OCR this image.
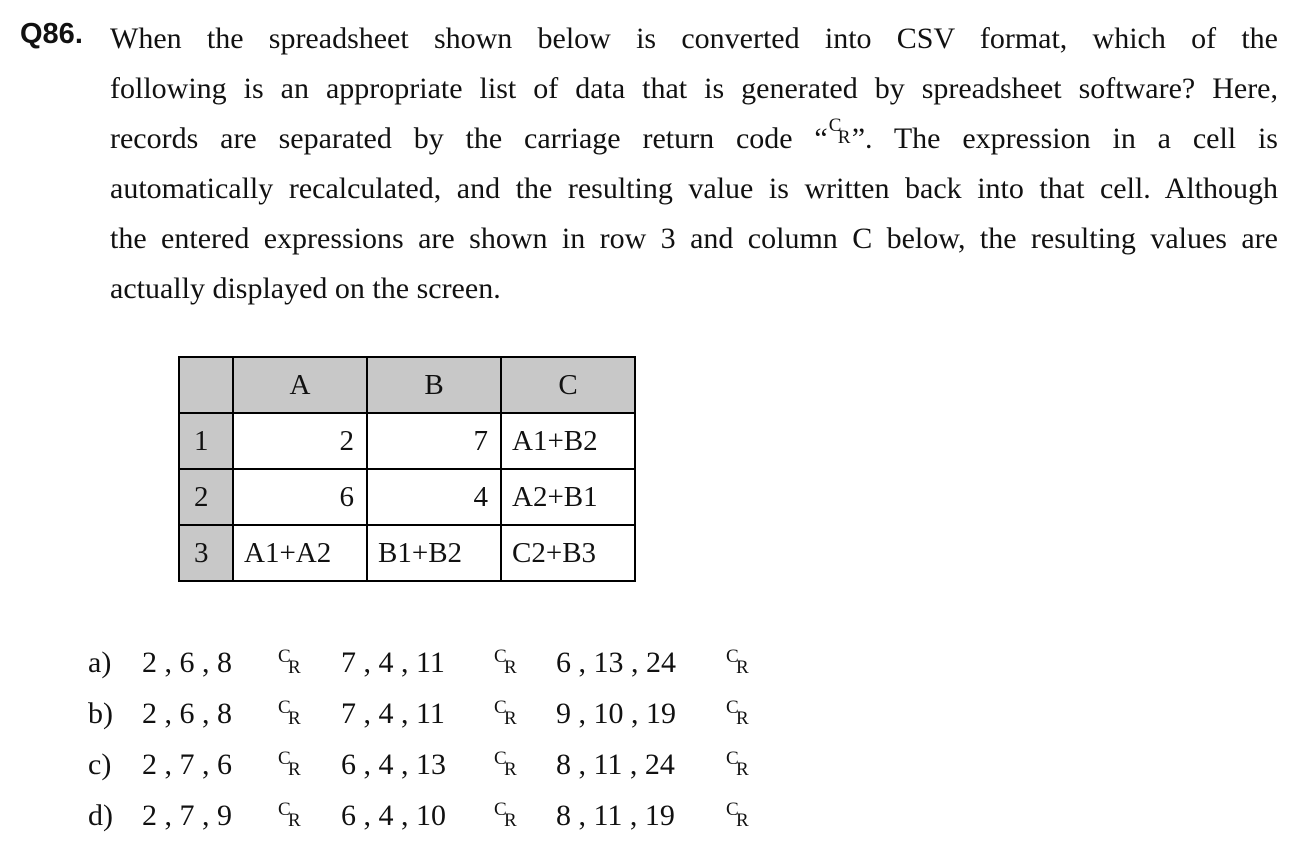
Q86. When the spreadsheet shown below is converted into CSV format, which of the
following is an appropriate list of data that is generated by spreadsheet software? Here,
records are separated by the carriage return code “ C
R ”. The expression in a cell is
automatically recalculated, and the resulting value is written back into that cell. Although
the entered expressions are shown in row 3 and column C below, the resulting values are
actually displayed on the screen.
	A	B	C
1	2	7	A1+B2
2	6	4	A2+B1
3	A1+A2	B1+B2	C2+B3
a) 2 , 6 , 8 C
R 7 , 4 , 11	C
R 6 , 13 , 24	C
R
b) 2 , 6 , 8 C
R 7 , 4 , 11	C
R 9 , 10 , 19	C
R
c) 2 , 7 , 6 C
R 6 , 4 , 13	C
R 8 , 11 , 24	C
R
d) 2 , 7 , 9 C
R 6 , 4 , 10	C
R 8 , 11 , 19	C
R
